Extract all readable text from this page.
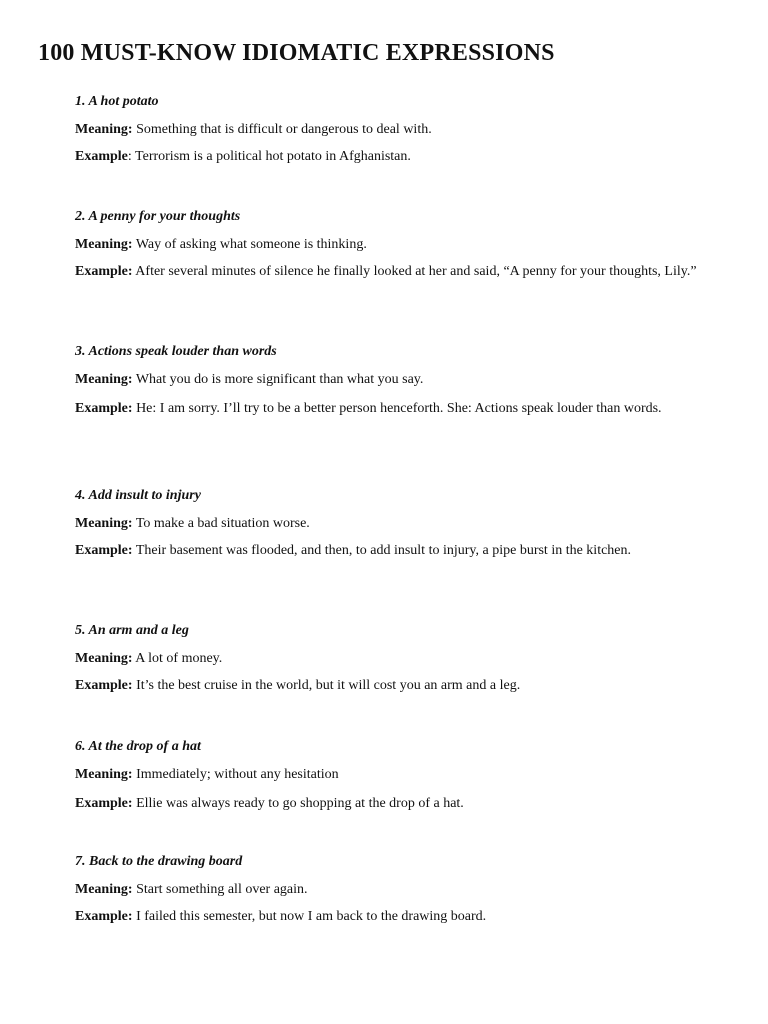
100 MUST-KNOW IDIOMATIC EXPRESSIONS

1. A hot potato

Meaning: Something that is difficult or dangerous to deal with.

Example: Terrorism is a political hot potato in Afghanistan.

2. A penny for your thoughts

Meaning: Way of asking what someone is thinking.

Example: After several minutes of silence he finally looked at her and said, “A penny for your thoughts, Lily.”

3. Actions speak louder than words

Meaning: What you do is more significant than what you say.

Example: He: I am sorry. I’ll try to be a better person henceforth. She: Actions speak louder than words.

4. Add insult to injury

Meaning: To make a bad situation worse.

Example: Their basement was flooded, and then, to add insult to injury, a pipe burst in the kitchen.

5. An arm and a leg

Meaning: A lot of money.

Example: It’s the best cruise in the world, but it will cost you an arm and a leg.

6. At the drop of a hat

Meaning: Immediately; without any hesitation

Example: Ellie was always ready to go shopping at the drop of a hat.

7. Back to the drawing board

Meaning: Start something all over again.

Example: I failed this semester, but now I am back to the drawing board.
